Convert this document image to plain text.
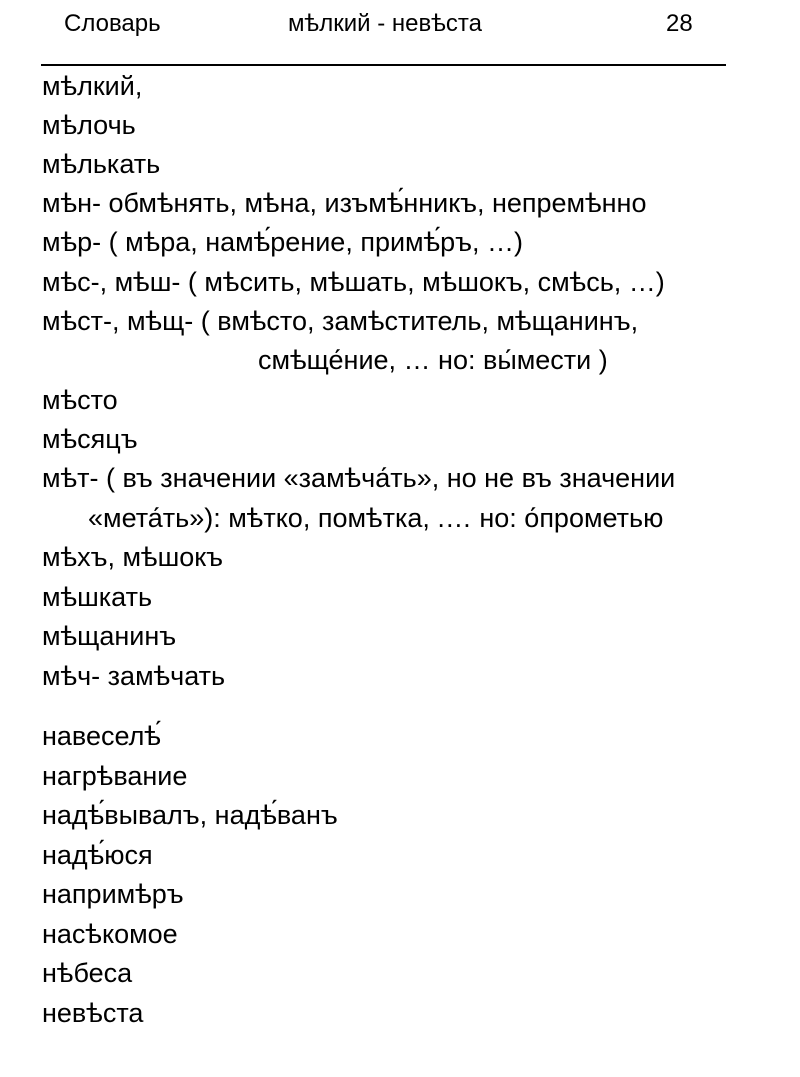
Словарь	мѣлкий - невѣста	28
мѣлкий,
мѣлочь
мѣлькать
мѣн- обмѣнять, мѣна, изъмѣ́нникъ, непремѣнно
мѣр- ( мѣра, намѣ́рение, примѣ́ръ, …)
мѣс-, мѣш- ( мѣсить, мѣшать, мѣшокъ, смѣсь, …)
мѣст-, мѣщ- ( вмѣсто, замѣститель, мѣщанинъ,
смѣще́ние, … но: вы́мести )
мѣсто
мѣсяцъ
мѣт- ( въ значении «замѣча́ть», но не въ значении
«мета́ть»): мѣтко, помѣтка, .… но: о́прометью
мѣхъ, мѣшокъ
мѣшкать
мѣщанинъ
мѣч- замѣчать
навеселѣ́
нагрѣвание
надѣ́вывалъ, надѣ́ванъ
надѣ́юся
напримѣръ
насѣкомое
нѣбеса
невѣста
